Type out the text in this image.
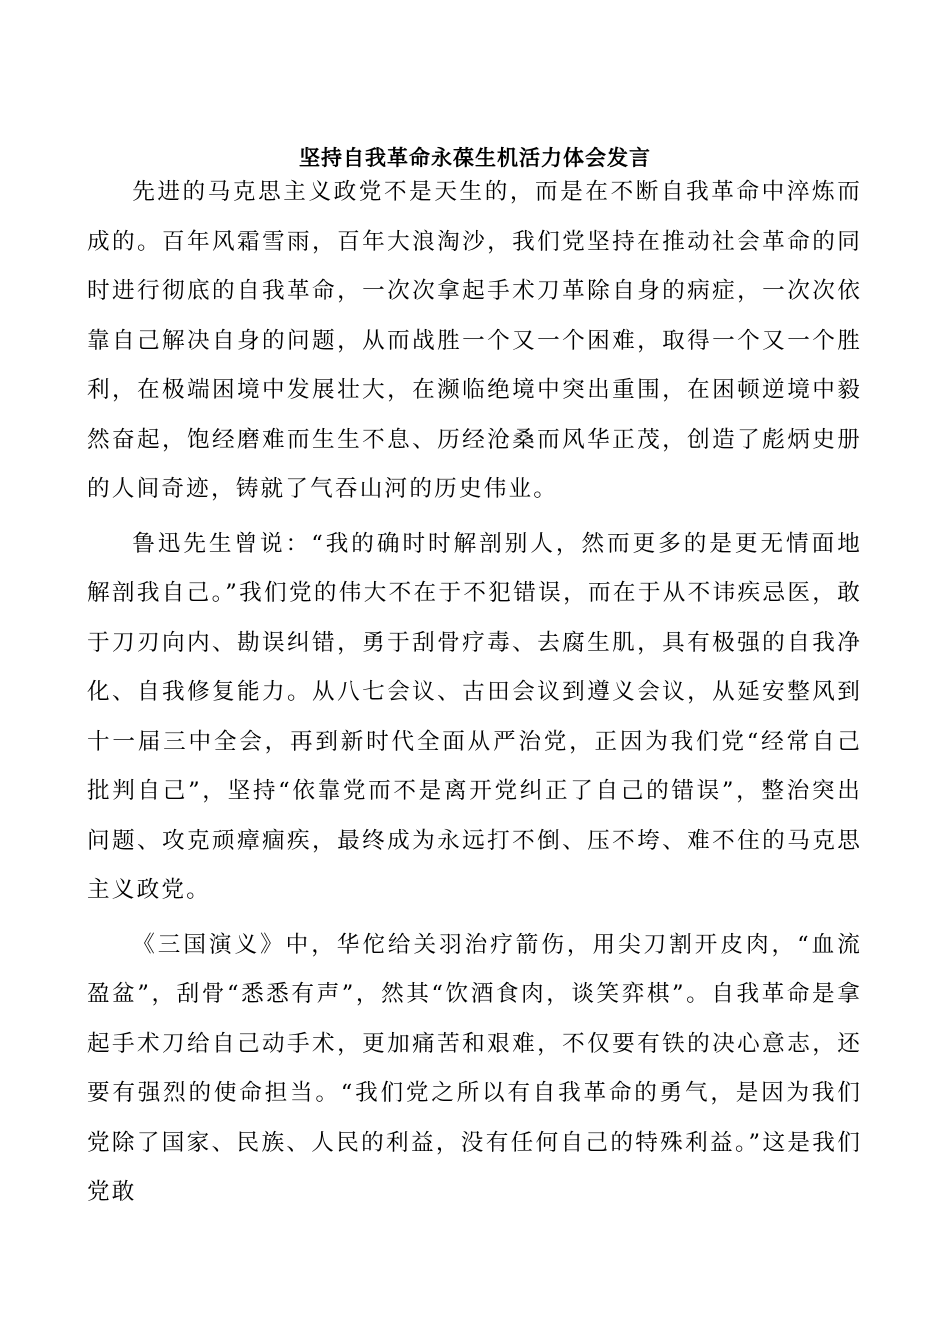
坚持自我革命永葆生机活力体会发言

先进的马克思主义政党不是天生的，而是在不断自我革命中淬炼而成的。百年风霜雪雨，百年大浪淘沙，我们党坚持在推动社会革命的同时进行彻底的自我革命，一次次拿起手术刀革除自身的病症，一次次依靠自己解决自身的问题，从而战胜一个又一个困难，取得一个又一个胜利，在极端困境中发展壮大，在濒临绝境中突出重围，在困顿逆境中毅然奋起，饱经磨难而生生不息、历经沧桑而风华正茂，创造了彪炳史册的人间奇迹，铸就了气吞山河的历史伟业。

鲁迅先生曾说：“我的确时时解剖别人，然而更多的是更无情面地解剖我自己。”我们党的伟大不在于不犯错误，而在于从不讳疾忌医，敢于刀刃向内、勘误纠错，勇于刮骨疗毒、去腐生肌，具有极强的自我净化、自我修复能力。从八七会议、古田会议到遵义会议，从延安整风到十一届三中全会，再到新时代全面从严治党，正因为我们党“经常自己批判自己”，坚持“依靠党而不是离开党纠正了自己的错误”，整治突出问题、攻克顽瘴痼疾，最终成为永远打不倒、压不垮、难不住的马克思主义政党。

《三国演义》中，华佗给关羽治疗箭伤，用尖刀割开皮肉，“血流盈盆”，刮骨“悉悉有声”，然其“饮酒食肉，谈笑弈棋”。自我革命是拿起手术刀给自己动手术，更加痛苦和艰难，不仅要有铁的决心意志，还要有强烈的使命担当。“我们党之所以有自我革命的勇气，是因为我们党除了国家、民族、人民的利益，没有任何自己的特殊利益。”这是我们党敢
